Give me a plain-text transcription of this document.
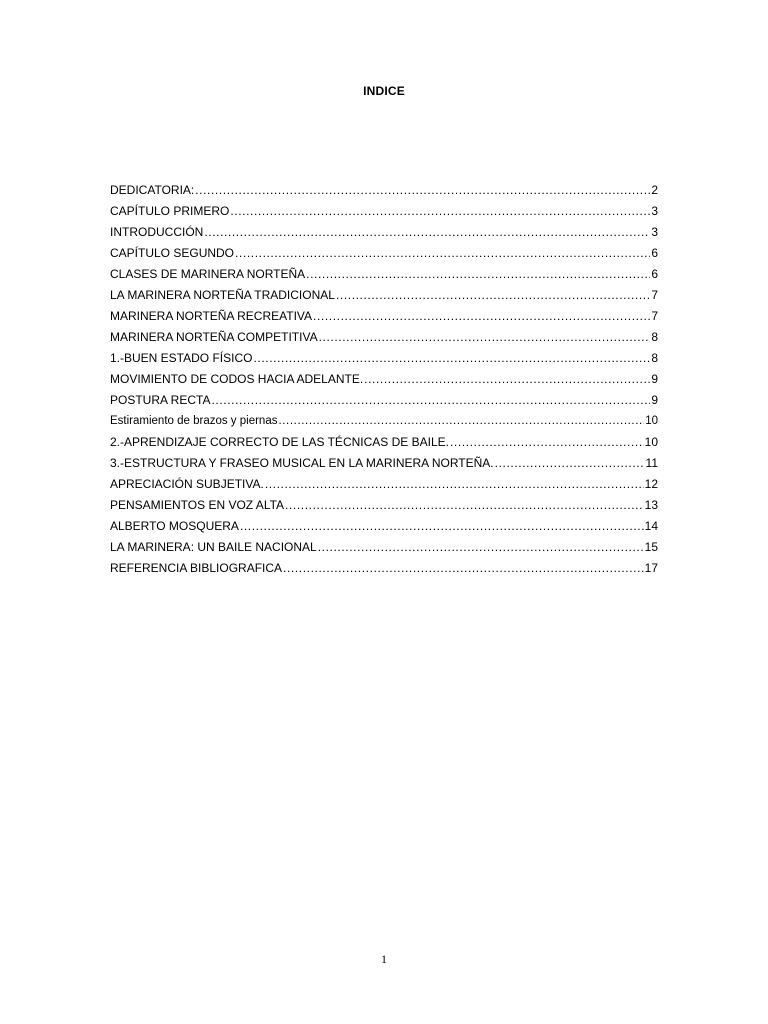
INDICE
DEDICATORIA: .....	2
CAPÍTULO PRIMERO .....	3
INTRODUCCIÓN .....	3
CAPÍTULO SEGUNDO .....	6
CLASES DE MARINERA NORTEÑA .....	6
LA MARINERA NORTEÑA TRADICIONAL .....	7
MARINERA NORTEÑA RECREATIVA .....	7
MARINERA NORTEÑA COMPETITIVA .....	8
1.-BUEN ESTADO FÍSICO .....	8
MOVIMIENTO DE CODOS HACIA ADELANTE. .....	9
POSTURA RECTA .....	9
Estiramiento de brazos y piernas .....	10
2.-APRENDIZAJE CORRECTO DE LAS TÉCNICAS DE BAILE. .....	10
3.-ESTRUCTURA Y FRASEO MUSICAL EN LA MARINERA NORTEÑA. .....	11
APRECIACIÓN SUBJETIVA. .....	12
PENSAMIENTOS EN VOZ ALTA .....	13
ALBERTO MOSQUERA .....	14
LA MARINERA: UN BAILE NACIONAL .....	15
REFERENCIA BIBLIOGRAFICA .....	17
1
